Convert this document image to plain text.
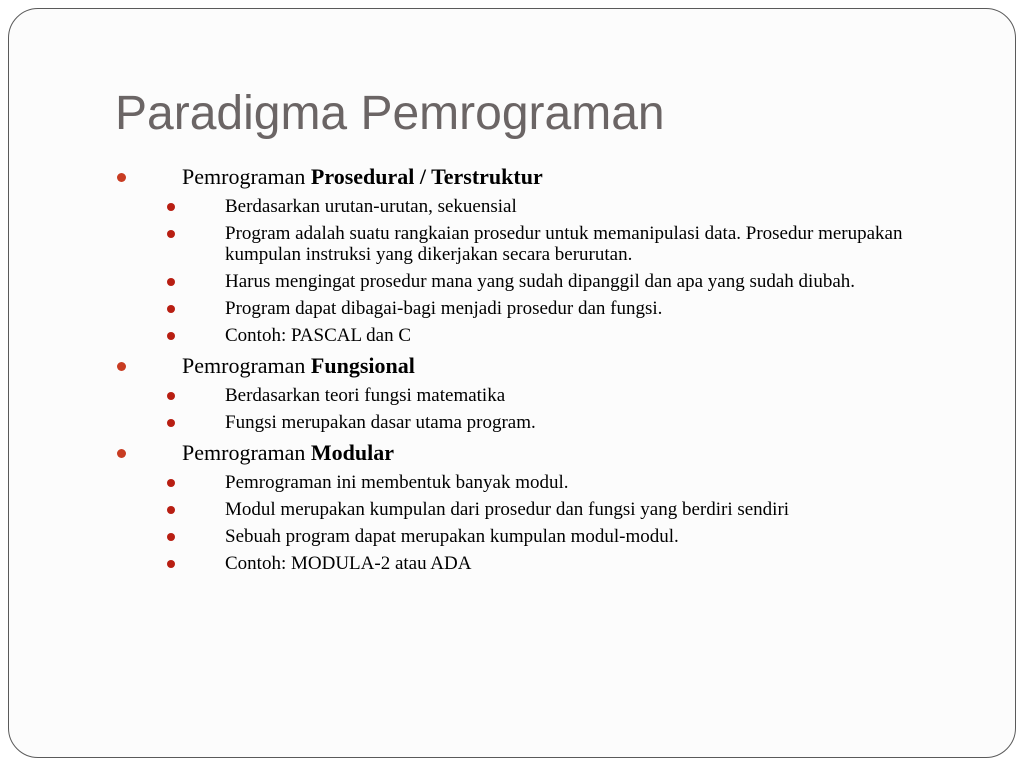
Paradigma Pemrograman

Pemrograman Prosedural / Terstruktur

Berdasarkan urutan-urutan, sekuensial

Program adalah suatu rangkaian prosedur untuk memanipulasi data. Prosedur merupakan kumpulan instruksi yang dikerjakan secara berurutan.

Harus mengingat prosedur mana yang sudah dipanggil dan apa yang sudah diubah.

Program dapat dibagai-bagi menjadi prosedur dan fungsi.

Contoh: PASCAL dan C

Pemrograman Fungsional

Berdasarkan teori fungsi matematika

Fungsi merupakan dasar utama program.

Pemrograman Modular

Pemrograman ini membentuk banyak modul.

Modul merupakan kumpulan dari prosedur dan fungsi yang berdiri sendiri

Sebuah program dapat merupakan kumpulan modul-modul.

Contoh: MODULA-2 atau ADA
